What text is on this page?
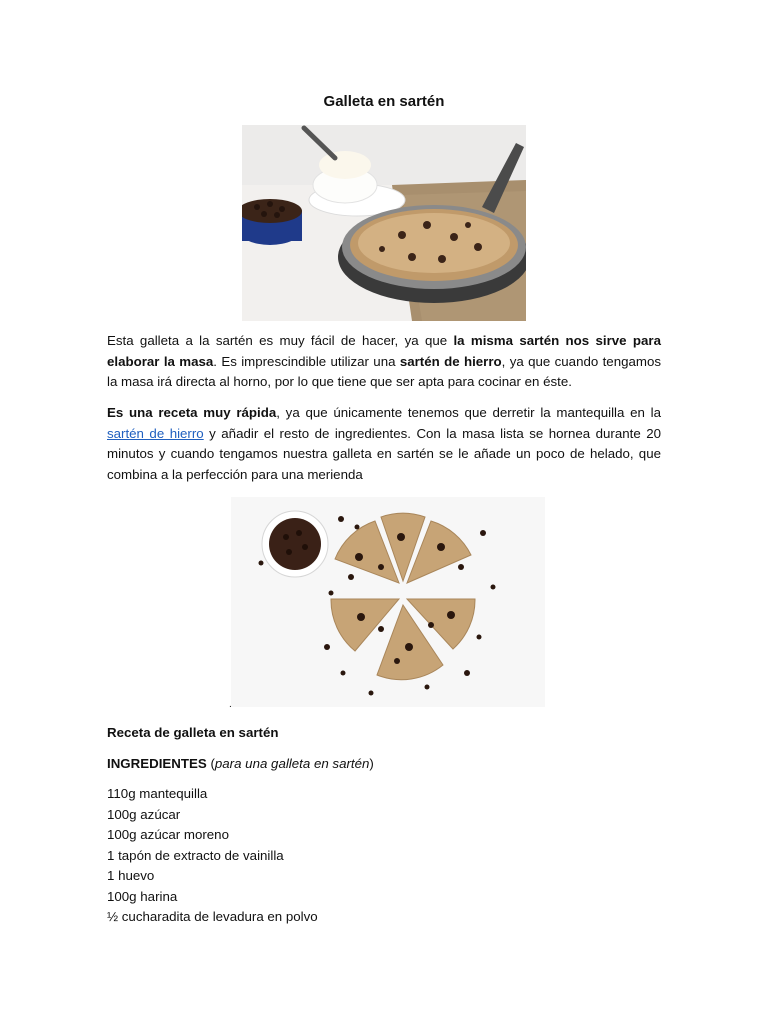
Galleta en sartén

Esta galleta a la sartén es muy fácil de hacer, ya que la misma sartén nos sirve para elaborar la masa. Es imprescindible utilizar una sartén de hierro, ya que cuando tengamos la masa irá directa al horno, por lo que tiene que ser apta para cocinar en éste.

Es una receta muy rápida, ya que únicamente tenemos que derretir la mantequilla en la sartén de hierro y añadir el resto de ingredientes. Con la masa lista se hornea durante 20 minutos y cuando tengamos nuestra galleta en sartén se le añade un poco de helado, que combina a la perfección para una merienda

.
Receta de galleta en sartén
INGREDIENTES (para una galleta en sartén)
110g mantequilla
100g azúcar
100g azúcar moreno
1 tapón de extracto de vainilla
1 huevo
100g harina
½ cucharadita de levadura en polvo
